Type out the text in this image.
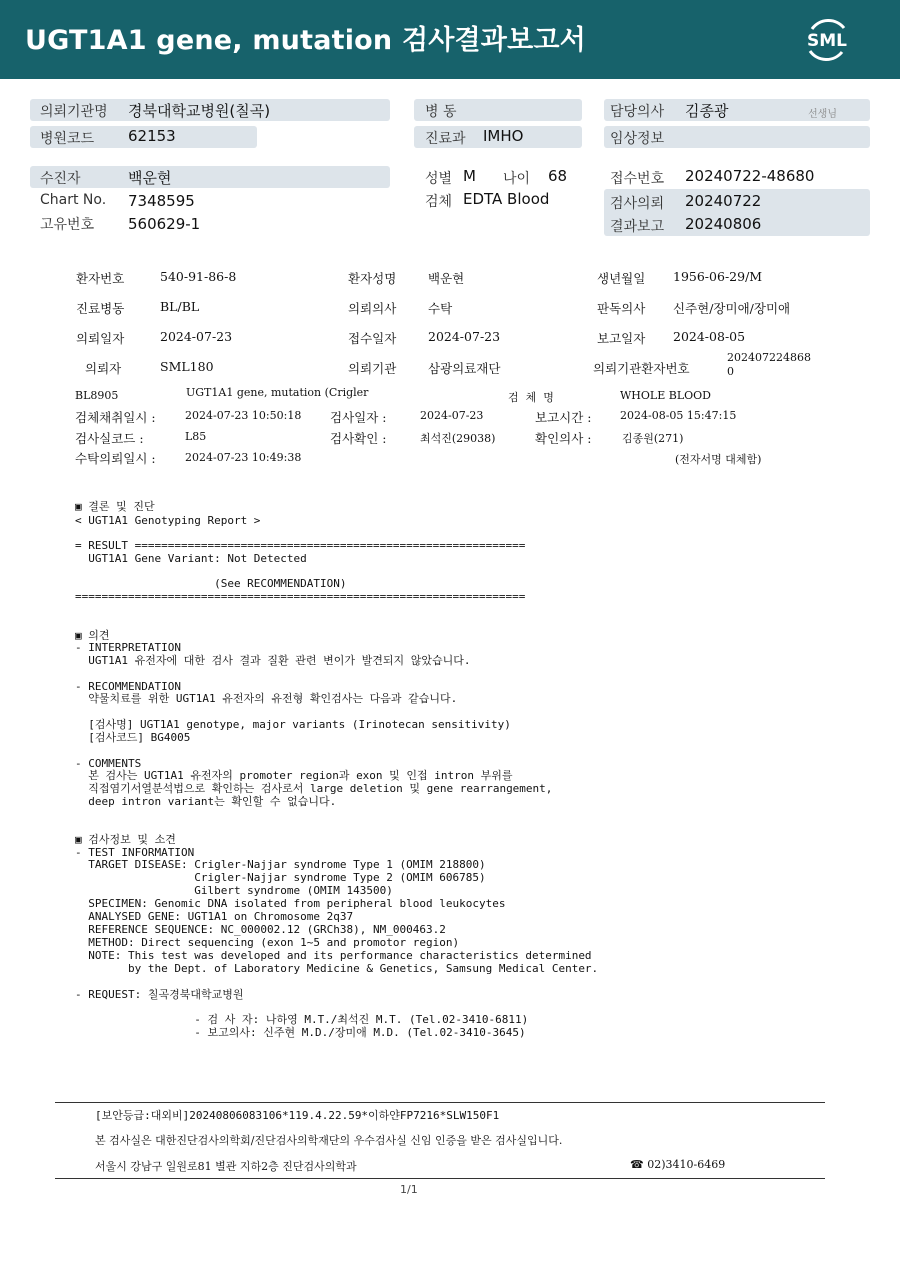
UGT1A1 gene, mutation 검사결과보고서	SML
의뢰기관명 경북대학교병원(칠곡)	병 동	담당의사 김종광	선생님
병원코드 62153	진료과 IMHO	임상정보
수진자	백운현	성별 M 나이 68	접수번호 20240722-48680
Chart No. 7348595	검체 EDTA Blood	검사의뢰 20240722
고유번호 560629-1	결과보고 20240806
환자번호	540-91-86-8	환자성명	백운현	생년월일 1956-06-29/M
진료병동	BL/BL	의뢰의사	수탁	판독의사 신주현/장미애/장미애
의뢰일자	2024-07-23	접수일자	2024-07-23	보고일자 2024-08-05
의뢰자	SML180	의뢰기관	삼광의료재단	의뢰기관환자번호
202407224868
0
BL8905	UGT1A1 gene, mutation (Crigler	검  체  명	WHOLE BLOOD
검체채취일시 :	2024-07-23 10:50:18 검사일자 :	2024-07-23	보고시간 :	2024-08-05 15:47:15
검사실코드 :	L85	검사확인 :	최석진(29038)	확인의사 :	김종원(271)
수탁의뢰일시 :	2024-07-23 10:49:38	(전자서명 대체함)
▣ 결론 및 진단
< UGT1A1 Genotyping Report >
= RESULT ===========================================================
UGT1A1 Gene Variant: Not Detected
(See RECOMMENDATION)
====================================================================
▣ 의견
- INTERPRETATION
UGT1A1 유전자에 대한 검사 결과 질환 관련 변이가 발견되지 않았습니다.
- RECOMMENDATION
약물치료를 위한 UGT1A1 유전자의 유전형 확인검사는 다음과 같습니다.
[검사명] UGT1A1 genotype, major variants (Irinotecan sensitivity)
[검사코드] BG4005
- COMMENTS
본 검사는 UGT1A1 유전자의 promoter region과 exon 및 인접 intron 부위를
직접염기서열분석법으로 확인하는 검사로서 large deletion 및 gene rearrangement,
deep intron variant는 확인할 수 없습니다.
▣ 검사정보 및 소견
- TEST INFORMATION
TARGET DISEASE: Crigler-Najjar syndrome Type 1 (OMIM 218800)
Crigler-Najjar syndrome Type 2 (OMIM 606785)
Gilbert syndrome (OMIM 143500)
SPECIMEN: Genomic DNA isolated from peripheral blood leukocytes
ANALYSED GENE: UGT1A1 on Chromosome 2q37
REFERENCE SEQUENCE: NC_000002.12 (GRCh38), NM_000463.2
METHOD: Direct sequencing (exon 1~5 and promotor region)
NOTE: This test was developed and its performance characteristics determined
by the Dept. of Laboratory Medicine & Genetics, Samsung Medical Center.
- REQUEST: 칠곡경북대학교병원
- 검 사 자: 나하영 M.T./최석진 M.T. (Tel.02-3410-6811)
- 보고의사: 신주현 M.D./장미애 M.D. (Tel.02-3410-3645)
[보안등급:대외비]20240806083106*119.4.22.59*이하얀FP7216*SLW150F1
본 검사실은 대한진단검사의학회/진단검사의학재단의 우수검사실 신임 인증을 받은 검사실입니다.
서울시 강남구 일원로81 별관 지하2층 진단검사의학과	☎ 02)3410-6469
1/1
